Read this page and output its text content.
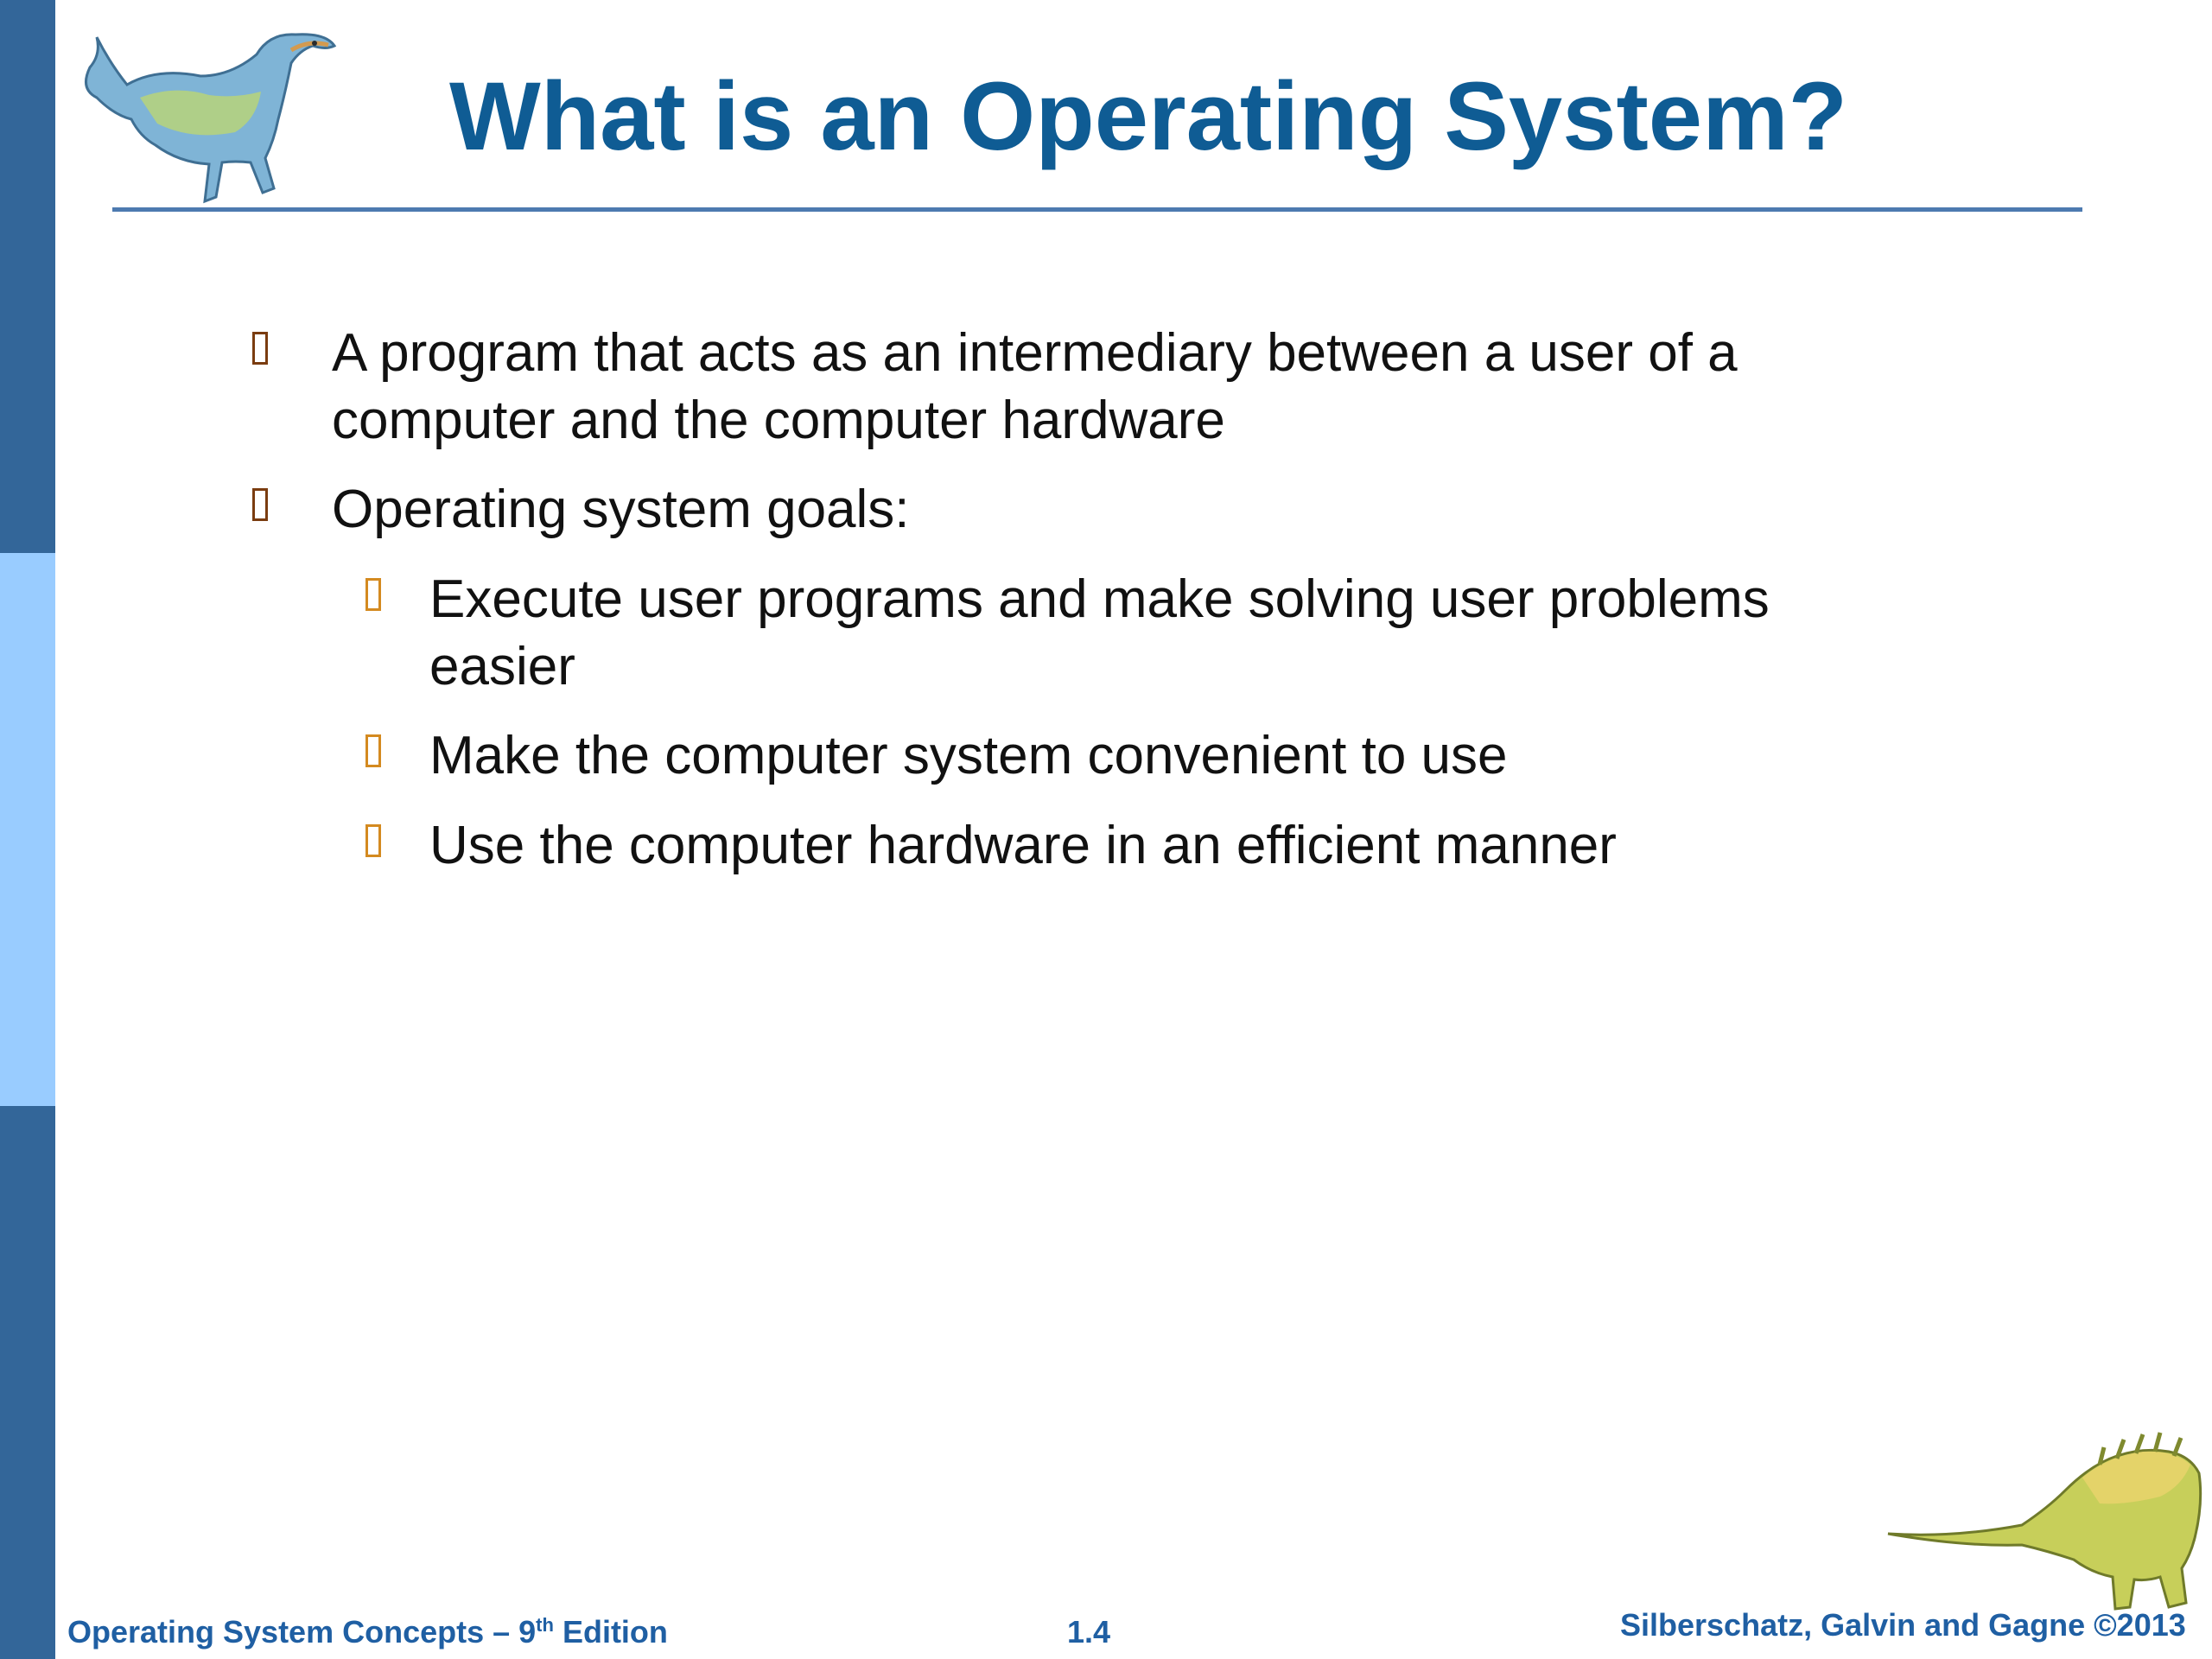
What is an Operating System?
A program that acts as an intermediary between a user of a computer and the computer hardware
Operating system goals:
Execute user programs and make solving user problems easier
Make the computer system convenient to use
Use the computer hardware in an efficient manner
Operating System Concepts – 9th Edition	1.4	Silberschatz, Galvin and Gagne ©2013
